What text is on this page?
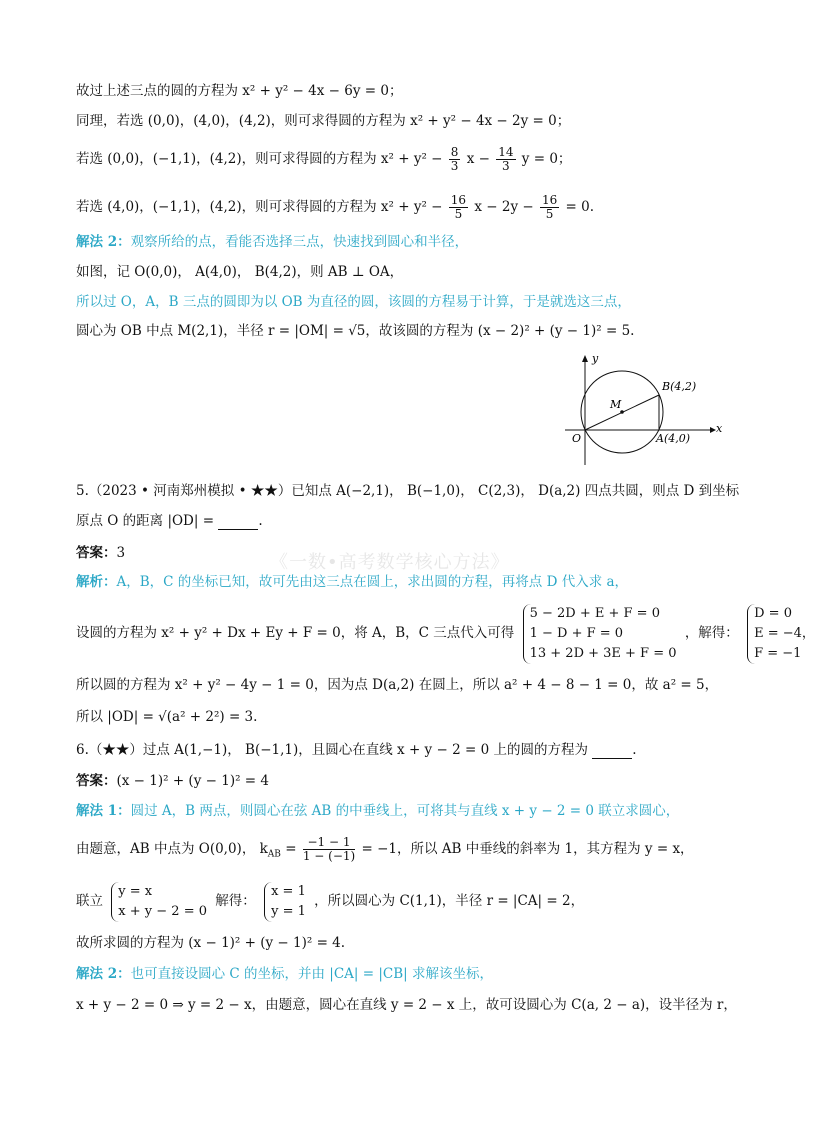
《一数•高考数学核心方法》
故过上述三点的圆的方程为 x² + y² − 4x − 6y = 0；
同理，若选 (0,0)，(4,0)，(4,2)，则可求得圆的方程为 x² + y² − 4x − 2y = 0；
若选 (0,0)，(−1,1)，(4,2)，则可求得圆的方程为 $x^2 + y^2 - \frac{8}{3}$ $x - \frac{14}{3}$ y = 0；
若选 (4,0)，(−1,1)，(4,2)，则可求得圆的方程为 $x^2 + y^2 - \frac{16}{5}$ $x - 2y - \frac{16}{5} = 0$.
解法 2：观察所给的点，看能否选择三点，快速找到圆心和半径，
如图，记 O(0,0)， A(4,0)， B(4,2)，则 AB ⊥ OA，
所以过 O，A，B 三点的圆即为以 OB 为直径的圆，该圆的方程易于计算，于是就选这三点，
圆心为 OB 中点 M(2,1)，半径 r = |OM| = √5，故该圆的方程为 (x − 2)² + (y − 1)² = 5.
y
x
O
M
A(4,0)
B(4,2)
5.（2023 • 河南郑州模拟 • ★★）已知点 A(−2,1)， B(−1,0)， C(2,3)， D(a,2) 四点共圆，则点 D 到坐标
原点 O 的距离 |OD| =	.
答案：3
解析：A，B，C 的坐标已知，故可先由这三点在圆上，求出圆的方程，再将点 D 代入求 a，
设圆的方程为 x² + y² + Dx + Ey + F = 0，将 A，B，C 三点代入可得
5 − 2D + E + F = 0
1 − D + F = 0
13 + 2D + 3E + F = 0
，解得：
D = 0
E = −4，
F = −1
所以圆的方程为 x² + y² − 4y − 1 = 0，因为点 D(a,2) 在圆上，所以 a² + 4 − 8 − 1 = 0，故 a² = 5，
所以 |OD| = √(a² + 2²) = 3.
6.（★★）过点 A(1,−1)， B(−1,1)，且圆心在直线 x + y − 2 = 0 上的圆的方程为	.
答案：(x − 1)² + (y − 1)² = 4
解法 1：圆过 A，B 两点，则圆心在弦 AB 的中垂线上，可将其与直线 x + y − 2 = 0 联立求圆心，
由题意，AB 中点为 O(0,0)， $k_{AB} = \frac{-1 - 1}{1 - (-1)} = -1$，所以 AB 中垂线的斜率为 1，其方程为 y = x，
联立
y = x
x + y − 2 = 0
解得：
x = 1
y = 1
，所以圆心为 C(1,1)，半径 r = |CA| = 2，
故所求圆的方程为 (x − 1)² + (y − 1)² = 4.
解法 2：也可直接设圆心 C 的坐标，并由 |CA| = |CB| 求解该坐标，
x + y − 2 = 0 ⇒ y = 2 − x，由题意，圆心在直线 y = 2 − x 上，故可设圆心为 C(a, 2 − a)，设半径为 r，
